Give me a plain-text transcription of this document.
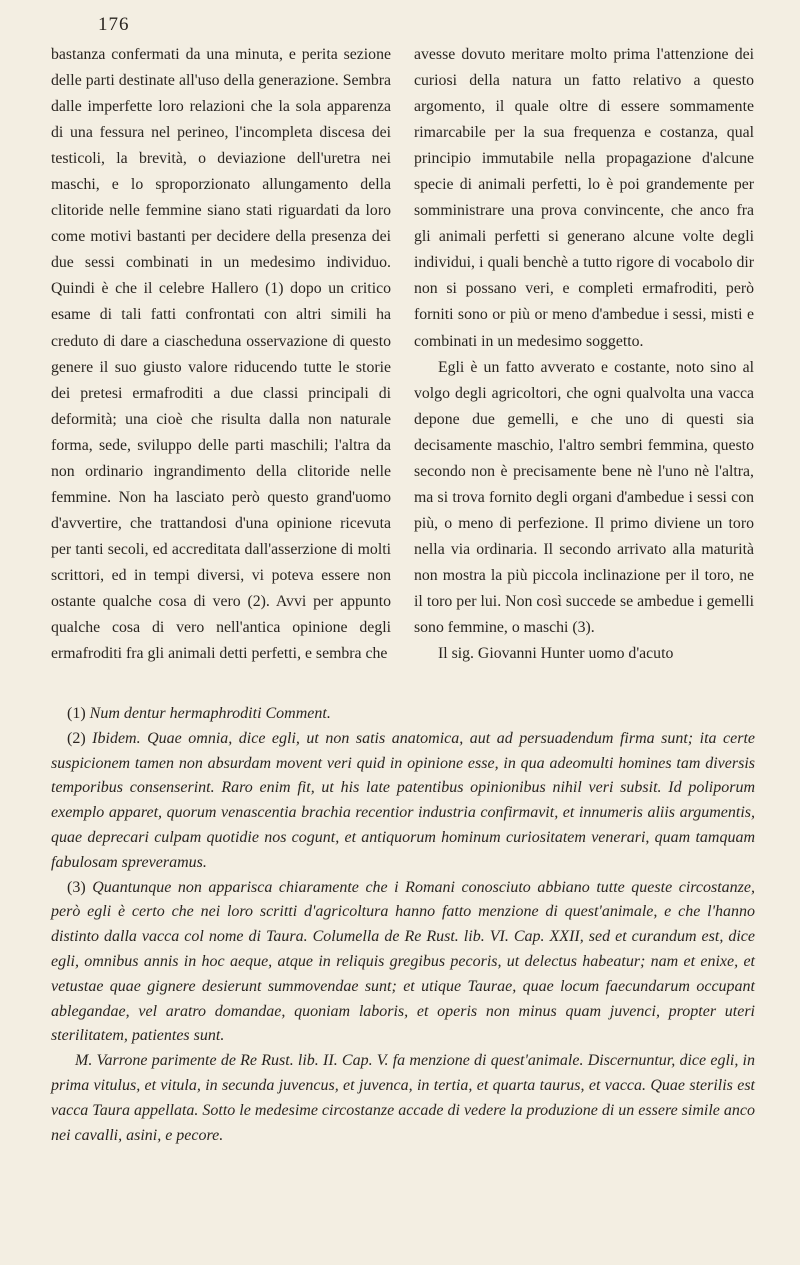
176

bastanza confermati da una minuta, e perita sezione delle parti destinate all'uso della generazione. Sembra dalle imperfette loro relazioni che la sola apparenza di una fessura nel perineo, l'incompleta discesa dei testicoli, la brevità, o deviazione dell'uretra nei maschi, e lo sproporzionato allungamento della clitoride nelle femmine siano stati riguardati da loro come motivi bastanti per decidere della presenza dei due sessi combinati in un medesimo individuo. Quindi è che il celebre Hallero (1) dopo un critico esame di tali fatti confrontati con altri simili ha creduto di dare a ciascheduna osservazione di questo genere il suo giusto valore riducendo tutte le storie dei pretesi ermafroditi a due classi principali di deformità; una cioè che risulta dalla non naturale forma, sede, sviluppo delle parti maschili; l'altra da non ordinario ingrandimento della clitoride nelle femmine. Non ha lasciato però questo grand'uomo d'avvertire, che trattandosi d'una opinione ricevuta per tanti secoli, ed accreditata dall'asserzione di molti scrittori, ed in tempi diversi, vi poteva essere non ostante qualche cosa di vero (2). Avvi per appunto qualche cosa di vero nell'antica opinione degli ermafroditi fra gli animali detti perfetti, e sembra che

avesse dovuto meritare molto prima l'attenzione dei curiosi della natura un fatto relativo a questo argomento, il quale oltre di essere sommamente rimarcabile per la sua frequenza e costanza, qual principio immutabile nella propagazione d'alcune specie di animali perfetti, lo è poi grandemente per somministrare una prova convincente, che anco fra gli animali perfetti si generano alcune volte degli individui, i quali benchè a tutto rigore di vocabolo dir non si possano veri, e completi ermafroditi, però forniti sono or più or meno d'ambedue i sessi, misti e combinati in un medesimo soggetto.

Egli è un fatto avverato e costante, noto sino al volgo degli agricoltori, che ogni qualvolta una vacca depone due gemelli, e che uno di questi sia decisamente maschio, l'altro sembri femmina, questo secondo non è precisamente bene nè l'uno nè l'altra, ma si trova fornito degli organi d'ambedue i sessi con più, o meno di perfezione. Il primo diviene un toro nella via ordinaria. Il secondo arrivato alla maturità non mostra la più piccola inclinazione per il toro, ne il toro per lui. Non così succede se ambedue i gemelli sono femmine, o maschi (3).

Il sig. Giovanni Hunter uomo d'acuto

(1) Num dentur hermaphroditi Comment.

(2) Ibidem. Quae omnia, dice egli, ut non satis anatomica, aut ad persuadendum firma sunt; ita certe suspicionem tamen non absurdam movent veri quid in opinione esse, in qua adeomulti homines tam diversis temporibus consenserint. Raro enim fit, ut his late patentibus opinionibus nihil veri subsit. Id poliporum exemplo apparet, quorum venascentia brachia recentior industria confirmavit, et innumeris aliis argumentis, quae deprecari culpam quotidie nos cogunt, et antiquorum hominum curiositatem venerari, quam tamquam fabulosam spreveramus.

(3) Quantunque non apparisca chiaramente che i Romani conosciuto abbiano tutte queste circostanze, però egli è certo che nei loro scritti d'agricoltura hanno fatto menzione di quest'animale, e che l'hanno distinto dalla vacca col nome di Taura. Columella de Re Rust. lib. VI. Cap. XXII, sed et curandum est, dice egli, omnibus annis in hoc aeque, atque in reliquis gregibus pecoris, ut delectus habeatur; nam et enixe, et vetustae quae gignere desierunt summovendae sunt; et utique Taurae, quae locum faecundarum occupant ablegandae, vel aratro domandae, quoniam laboris, et operis non minus quam juvenci, propter uteri sterilitatem, patientes sunt.

M. Varrone parimente de Re Rust. lib. II. Cap. V. fa menzione di quest'animale. Discernuntur, dice egli, in prima vitulus, et vitula, in secunda juvencus, et juvenca, in tertia, et quarta taurus, et vacca. Quae sterilis est vacca Taura appellata. Sotto le medesime circostanze accade di vedere la produzione di un essere simile anco nei cavalli, asini, e pecore.
